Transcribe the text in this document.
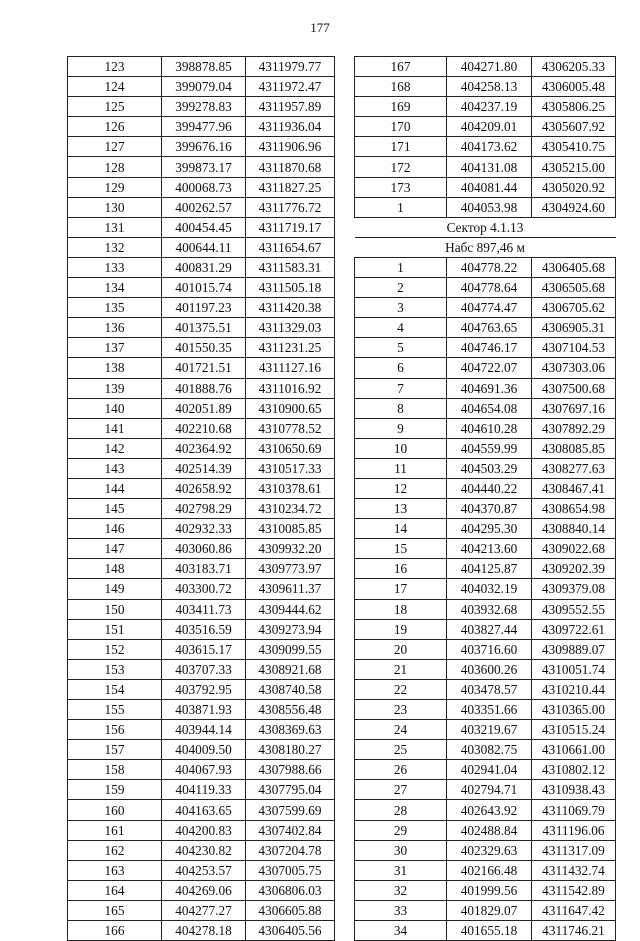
177
123	398878.85	4311979.77
124	399079.04	4311972.47
125	399278.83	4311957.89
126	399477.96	4311936.04
127	399676.16	4311906.96
128	399873.17	4311870.68
129	400068.73	4311827.25
130	400262.57	4311776.72
131	400454.45	4311719.17
132	400644.11	4311654.67
133	400831.29	4311583.31
134	401015.74	4311505.18
135	401197.23	4311420.38
136	401375.51	4311329.03
137	401550.35	4311231.25
138	401721.51	4311127.16
139	401888.76	4311016.92
140	402051.89	4310900.65
141	402210.68	4310778.52
142	402364.92	4310650.69
143	402514.39	4310517.33
144	402658.92	4310378.61
145	402798.29	4310234.72
146	402932.33	4310085.85
147	403060.86	4309932.20
148	403183.71	4309773.97
149	403300.72	4309611.37
150	403411.73	4309444.62
151	403516.59	4309273.94
152	403615.17	4309099.55
153	403707.33	4308921.68
154	403792.95	4308740.58
155	403871.93	4308556.48
156	403944.14	4308369.63
157	404009.50	4308180.27
158	404067.93	4307988.66
159	404119.33	4307795.04
160	404163.65	4307599.69
161	404200.83	4307402.84
162	404230.82	4307204.78
163	404253.57	4307005.75
164	404269.06	4306806.03
165	404277.27	4306605.88
166	404278.18	4306405.56
167	404271.80	4306205.33
168	404258.13	4306005.48
169	404237.19	4305806.25
170	404209.01	4305607.92
171	404173.62	4305410.75
172	404131.08	4305215.00
173	404081.44	4305020.92
1	404053.98	4304924.60
Сектор 4.1.13		
Набс 897,46 м		
1	404778.22	4306405.68
2	404778.64	4306505.68
3	404774.47	4306705.62
4	404763.65	4306905.31
5	404746.17	4307104.53
6	404722.07	4307303.06
7	404691.36	4307500.68
8	404654.08	4307697.16
9	404610.28	4307892.29
10	404559.99	4308085.85
11	404503.29	4308277.63
12	404440.22	4308467.41
13	404370.87	4308654.98
14	404295.30	4308840.14
15	404213.60	4309022.68
16	404125.87	4309202.39
17	404032.19	4309379.08
18	403932.68	4309552.55
19	403827.44	4309722.61
20	403716.60	4309889.07
21	403600.26	4310051.74
22	403478.57	4310210.44
23	403351.66	4310365.00
24	403219.67	4310515.24
25	403082.75	4310661.00
26	402941.04	4310802.12
27	402794.71	4310938.43
28	402643.92	4311069.79
29	402488.84	4311196.06
30	402329.63	4311317.09
31	402166.48	4311432.74
32	401999.56	4311542.89
33	401829.07	4311647.42
34	401655.18	4311746.21
